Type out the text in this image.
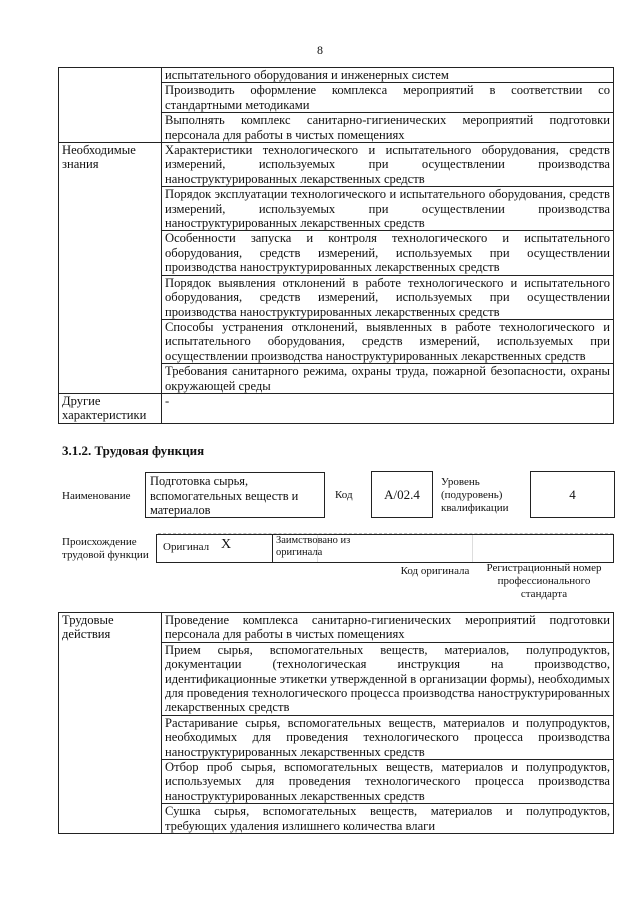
8
	испытательного оборудования и инженерных систем
	Производить оформление комплекса мероприятий в соответствии со стандартными методиками
	Выполнять комплекс санитарно-гигиенических мероприятий подготовки персонала для работы в чистых помещениях
Необходимые знания	Характеристики технологического и испытательного оборудования, средств измерений, используемых при осуществлении производства наноструктурированных лекарственных средств
	Порядок эксплуатации технологического и испытательного оборудования, средств измерений, используемых при осуществлении производства наноструктурированных лекарственных средств
	Особенности запуска и контроля технологического и испытательного оборудования, средств измерений, используемых при осуществлении производства наноструктурированных лекарственных средств
	Порядок выявления отклонений в работе технологического и испытательного оборудования, средств измерений, используемых при осуществлении производства наноструктурированных лекарственных средств
	Способы устранения отклонений, выявленных в работе технологического и испытательного оборудования, средств измерений, используемых при осуществлении производства наноструктурированных лекарственных средств
	Требования санитарного режима, охраны труда, пожарной безопасности, охраны окружающей среды
Другие характеристики	-
3.1.2. Трудовая функция
Наименование
Подготовка сырья, вспомогательных веществ и материалов
Код	A/02.4
Уровень (подуровень) квалификации
4
Происхождение трудовой функции
Оригинал X	Заимствовано из оригинала
Код оригинала	Регистрационный номер профессионального стандарта
Трудовые действия	Проведение комплекса санитарно-гигиенических мероприятий подготовки персонала для работы в чистых помещениях
Прием сырья, вспомогательных веществ, материалов, полупродуктов, документации (технологическая инструкция на производство, идентификационные этикетки утвержденной в организации формы), необходимых для проведения технологического процесса производства наноструктурированных лекарственных средств
Растаривание сырья, вспомогательных веществ, материалов и полупродуктов, необходимых для проведения технологического процесса производства наноструктурированных лекарственных средств
Отбор проб сырья, вспомогательных веществ, материалов и полупродуктов, используемых для проведения технологического процесса производства наноструктурированных лекарственных средств
Сушка сырья, вспомогательных веществ, материалов и полупродуктов, требующих удаления излишнего количества влаги
